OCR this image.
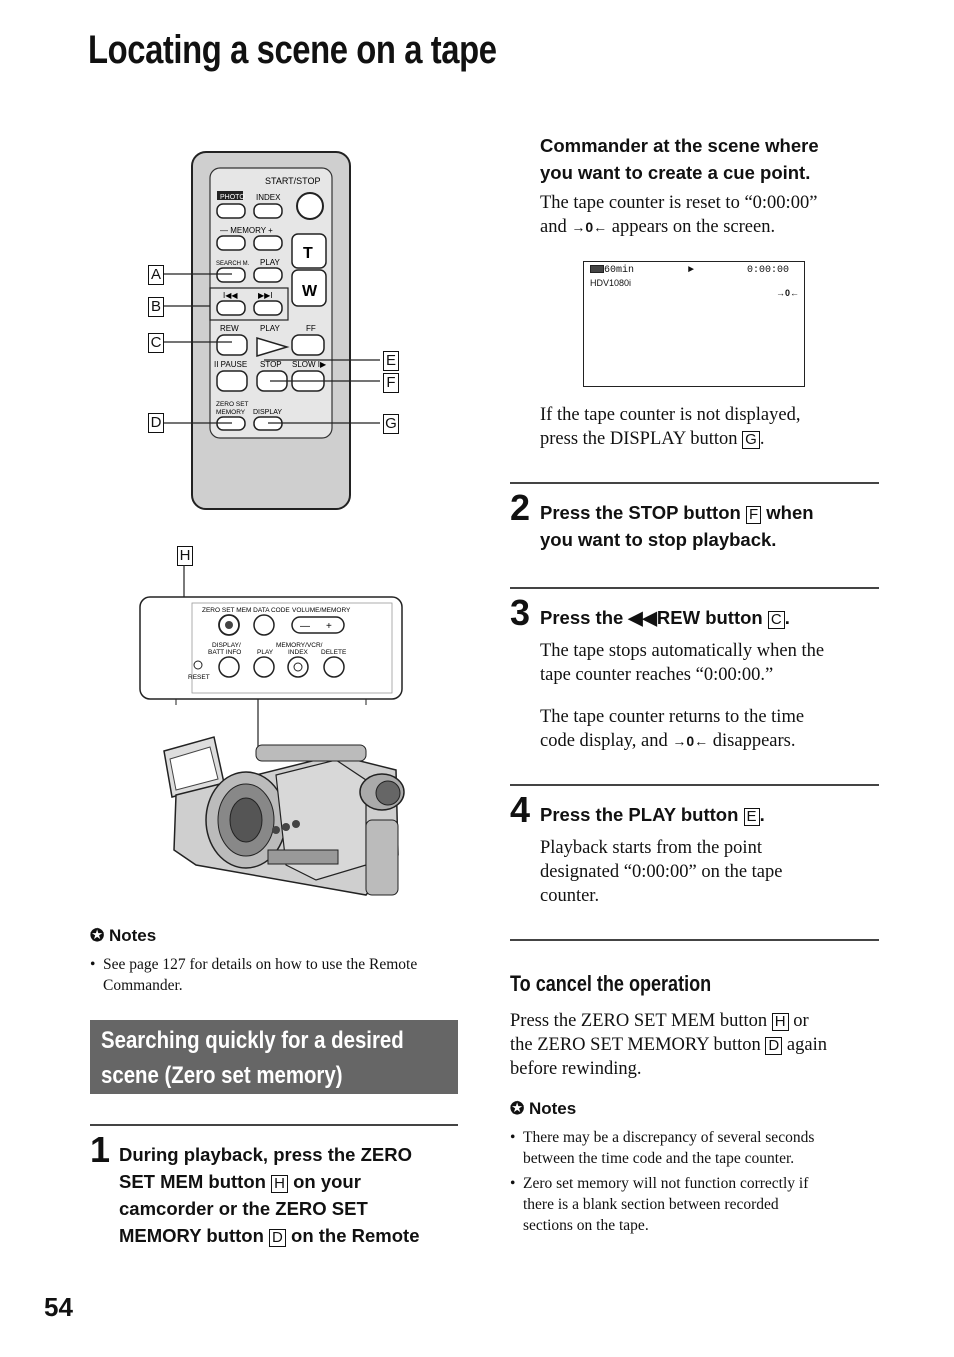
Locating a scene on a tape
START/STOP
PHOTO INDEX
— MEMORY +
T
W
SEARCH M. PLAY
I◀◀	▶▶I
REW	PLAY	FF
II PAUSE STOP SLOW I▶
ZERO SET
MEMORY DISPLAY
A
B
C
D
E
F
G
H
ZERO SET MEM DATA CODE VOLUME/MEMORY
— +
DISPLAY/
BATT INFO
MEMORY/VCR/
PLAY INDEX DELETE
RESET
✪ Notes
• See page 127 for details on how to use the Remote Commander.
Searching quickly for a desired
scene (Zero set memory)
1 During playback, press the ZERO
SET MEM button H on your
camcorder or the ZERO SET
MEMORY button D on the Remote
Commander at the scene where
you want to create a cue point.
The tape counter is reset to “0:00:00”
and →0← appears on the screen.
60min
HDV1080i
►	0:00:00
→0←
If the tape counter is not displayed,
press the DISPLAY button G .
2 Press the STOP button F when
you want to stop playback.
3 Press the ◀◀REW button C .
The tape stops automatically when the
tape counter reaches “0:00:00.”
The tape counter returns to the time
code display, and →0← disappears.
4 Press the PLAY button E .
Playback starts from the point
designated “0:00:00” on the tape
counter.
To cancel the operation
Press the ZERO SET MEM button H or
the ZERO SET MEMORY button D again
before rewinding.
✪ Notes
• There may be a discrepancy of several seconds
between the time code and the tape counter.
• Zero set memory will not function correctly if
there is a blank section between recorded
sections on the tape.
54
